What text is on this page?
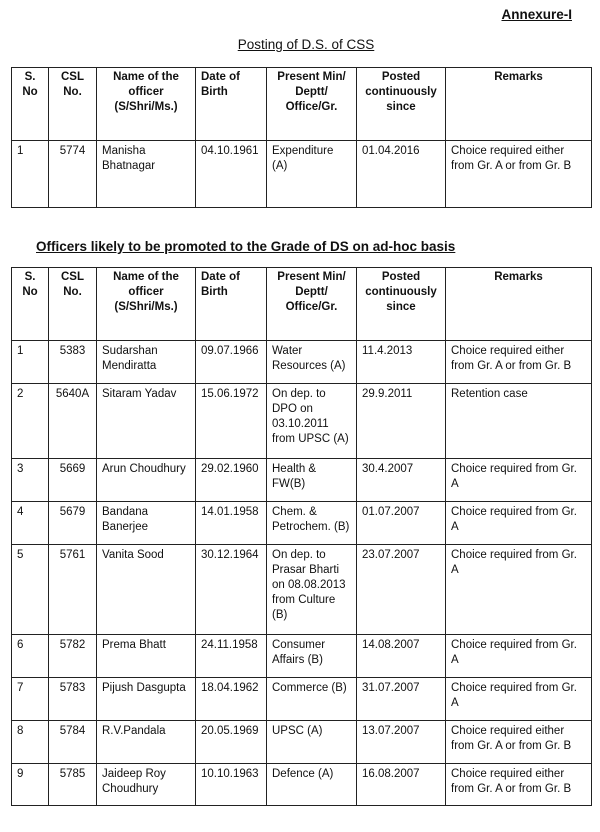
Annexure-I
Posting of D.S. of CSS
S. No	CSL No.	Name of the officer (S/Shri/Ms.)	Date of Birth	Present Min/ Deptt/ Office/Gr.	Posted continuously since	Remarks
1	5774	Manisha Bhatnagar	04.10.1961	Expenditure (A)	01.04.2016	Choice required either from Gr. A or from Gr. B
Officers likely to be promoted to the Grade of DS on ad-hoc basis
S. No	CSL No.	Name of the officer (S/Shri/Ms.)	Date of Birth	Present Min/ Deptt/ Office/Gr.	Posted continuously since	Remarks
1	5383	Sudarshan Mendiratta	09.07.1966	Water Resources (A)	11.4.2013	Choice required either from Gr. A or from Gr. B
2	5640A	Sitaram Yadav	15.06.1972	On dep. to DPO on 03.10.2011 from UPSC (A)	29.9.2011	Retention case
3	5669	Arun Choudhury	29.02.1960	Health & FW(B)	30.4.2007	Choice required from Gr. A
4	5679	Bandana Banerjee	14.01.1958	Chem. & Petrochem. (B)	01.07.2007	Choice required from Gr. A
5	5761	Vanita Sood	30.12.1964	On dep. to Prasar Bharti on 08.08.2013 from Culture (B)	23.07.2007	Choice required from Gr. A
6	5782	Prema Bhatt	24.11.1958	Consumer Affairs (B)	14.08.2007	Choice required from Gr. A
7	5783	Pijush Dasgupta	18.04.1962	Commerce (B)	31.07.2007	Choice required from Gr. A
8	5784	R.V.Pandala	20.05.1969	UPSC (A)	13.07.2007	Choice required either from Gr. A or from Gr. B
9	5785	Jaideep Roy Choudhury	10.10.1963	Defence (A)	16.08.2007	Choice required either from Gr. A or from Gr. B
